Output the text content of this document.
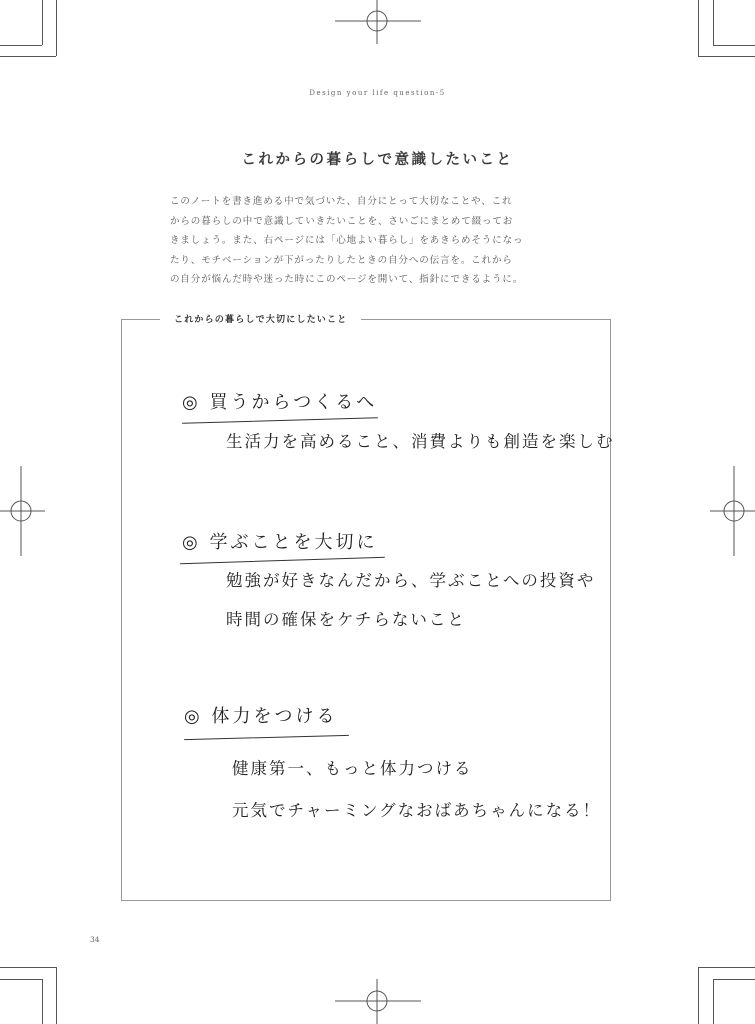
Design your life question-5
これからの暮らしで意識したいこと
このノートを書き進める中で気づいた、自分にとって大切なことや、これ
からの暮らしの中で意識していきたいことを、さいごにまとめて綴ってお
きましょう。また、右ページには「心地よい暮らし」をあきらめそうになっ
たり、モチベーションが下がったりしたときの自分への伝言を。これから
の自分が悩んだ時や迷った時にこのページを開いて、指針にできるように。
これからの暮らしで大切にしたいこと
◎ 買うからつくるへ
生活力を高めること、消費よりも創造を楽しむ
◎ 学ぶことを大切に
勉強が好きなんだから、学ぶことへの投資や
時間の確保をケチらないこと
◎ 体力をつける
健康第一、もっと体力つける
元気でチャーミングなおばあちゃんになる！
34
